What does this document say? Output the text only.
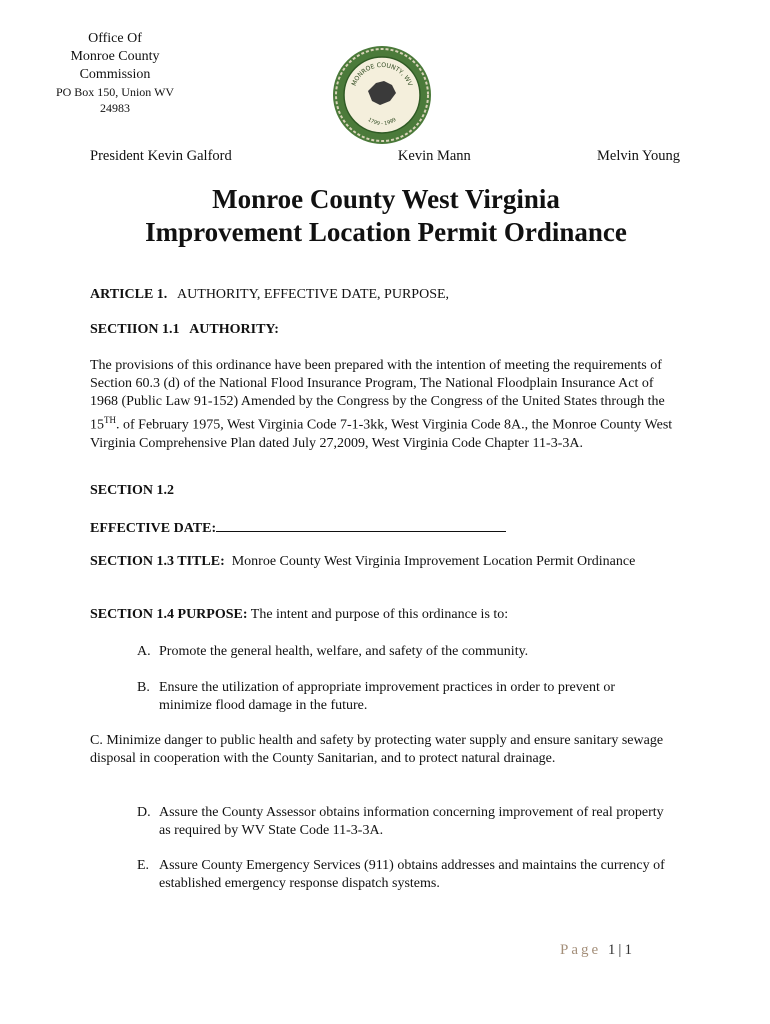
Office Of
Monroe County
Commission
PO Box 150, Union WV
24983
MONROE COUNTY, WV
1799 - 1999
President Kevin Galford	Kevin Mann	Melvin Young
Monroe County West Virginia
Improvement Location Permit Ordinance
ARTICLE 1. AUTHORITY, EFFECTIVE DATE, PURPOSE,
SECTIION 1.1   AUTHORITY:
The provisions of this ordinance have been prepared with the intention of meeting the requirements of Section 60.3 (d) of the National Flood Insurance Program, The National Floodplain Insurance Act of 1968 (Public Law 91-152) Amended by the Congress by the Congress of the United States through the 15TH. of February 1975, West Virginia Code 7-1-3kk, West Virginia Code 8A., the Monroe County West Virginia Comprehensive Plan dated July 27,2009, West Virginia Code Chapter 11-3-3A.
SECTION 1.2
EFFECTIVE DATE:
SECTION 1.3 TITLE: Monroe County West Virginia Improvement Location Permit Ordinance
SECTION 1.4 PURPOSE: The intent and purpose of this ordinance is to:
A. Promote the general health, welfare, and safety of the community.
B. Ensure the utilization of appropriate improvement practices in order to prevent or minimize flood damage in the future.
C. Minimize danger to public health and safety by protecting water supply and ensure sanitary sewage disposal in cooperation with the County Sanitarian, and to protect natural drainage.
D. Assure the County Assessor obtains information concerning improvement of real property as required by WV State Code 11-3-3A.
E. Assure County Emergency Services (911) obtains addresses and maintains the currency of established emergency response dispatch systems.
Page 1|1
